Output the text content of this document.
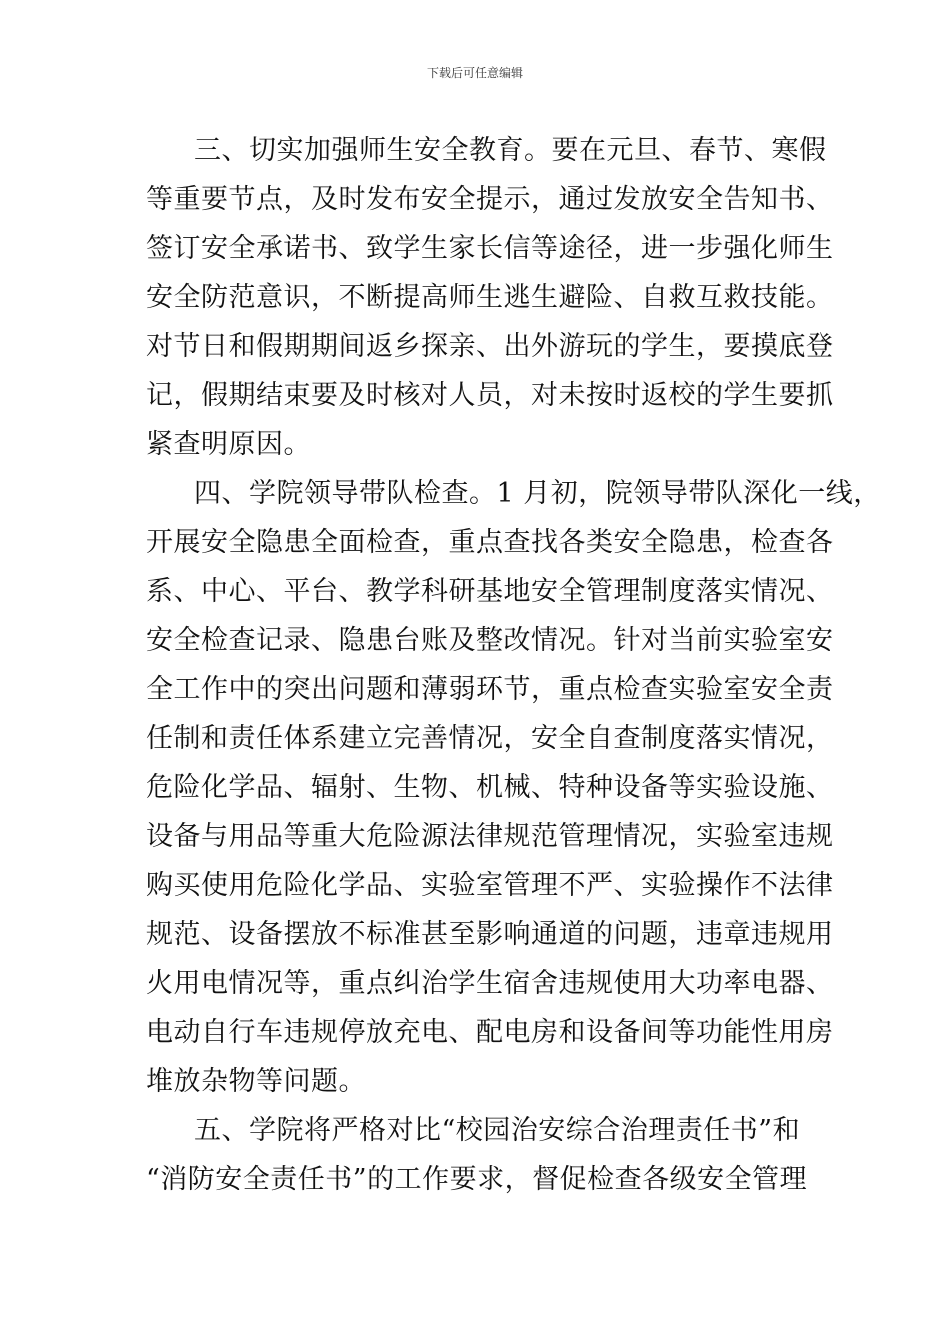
下载后可任意编辑
三、切实加强师生安全教育。要在元旦、春节、寒假
等重要节点，及时发布安全提示，通过发放安全告知书、
签订安全承诺书、致学生家长信等途径，进一步强化师生
安全防范意识，不断提高师生逃生避险、自救互救技能。
对节日和假期期间返乡探亲、出外游玩的学生，要摸底登
记，假期结束要及时核对人员，对未按时返校的学生要抓
紧查明原因。
四、学院领导带队检查。1 月初，院领导带队深化一线，
开展安全隐患全面检查，重点查找各类安全隐患，检查各
系、中心、平台、教学科研基地安全管理制度落实情况、
安全检查记录、隐患台账及整改情况。针对当前实验室安
全工作中的突出问题和薄弱环节，重点检查实验室安全责
任制和责任体系建立完善情况，安全自查制度落实情况，
危险化学品、辐射、生物、机械、特种设备等实验设施、
设备与用品等重大危险源法律规范管理情况，实验室违规
购买使用危险化学品、实验室管理不严、实验操作不法律
规范、设备摆放不标准甚至影响通道的问题，违章违规用
火用电情况等，重点纠治学生宿舍违规使用大功率电器、
电动自行车违规停放充电、配电房和设备间等功能性用房
堆放杂物等问题。
五、学院将严格对比“校园治安综合治理责任书”和
“消防安全责任书”的工作要求，督促检查各级安全管理
